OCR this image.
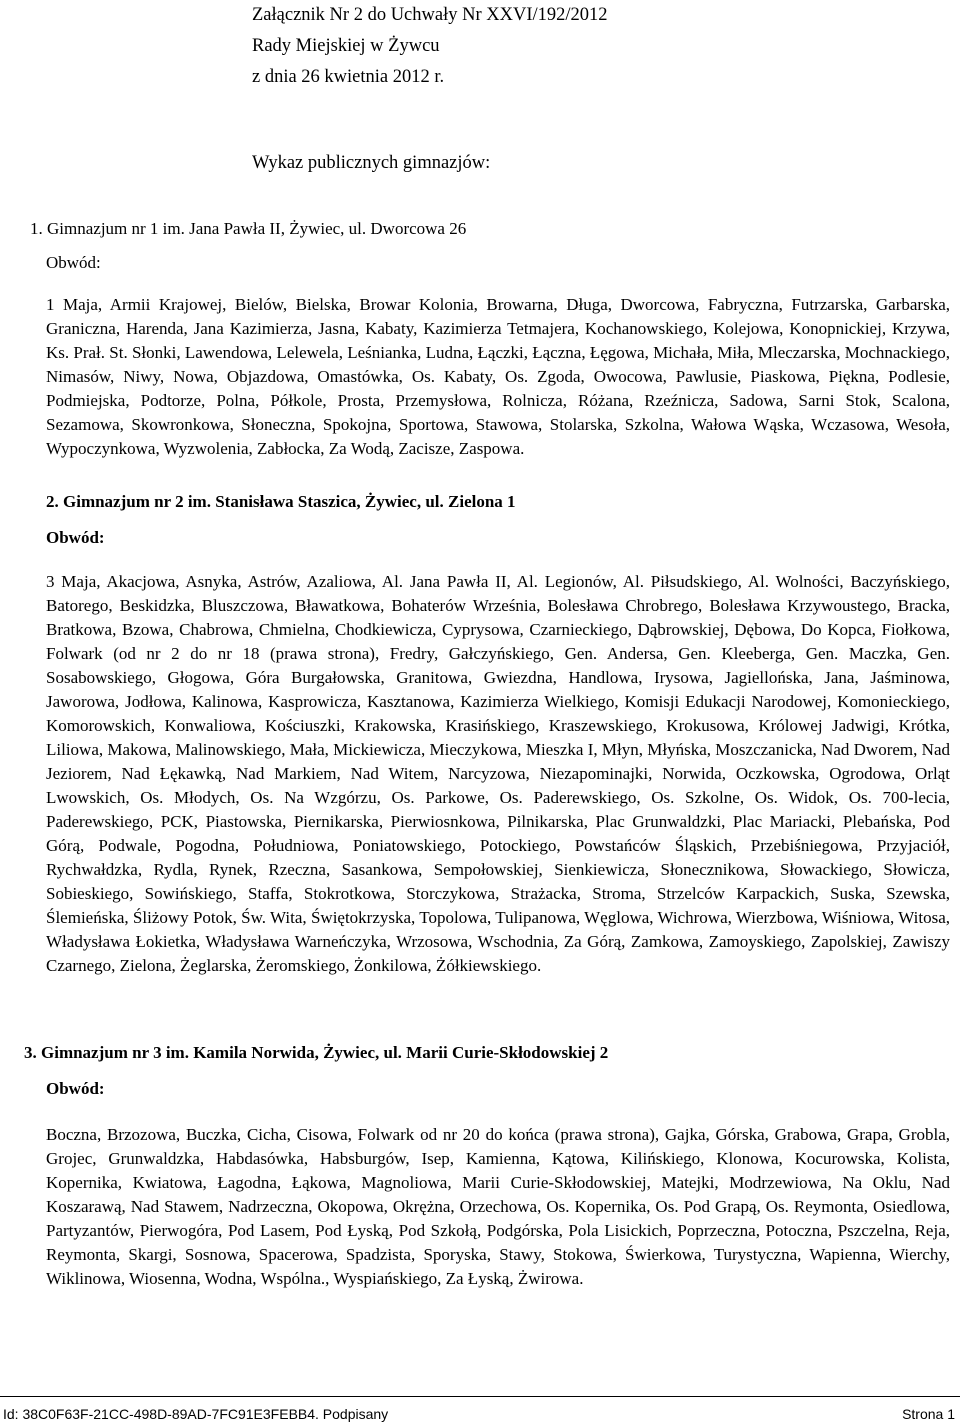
Załącznik Nr 2 do Uchwały Nr XXVI/192/2012
Rady Miejskiej w Żywcu
z dnia 26 kwietnia 2012 r.
Wykaz publicznych gimnazjów:
1. Gimnazjum nr 1 im. Jana Pawła II, Żywiec, ul. Dworcowa 26
Obwód:

1 Maja, Armii Krajowej, Bielów, Bielska, Browar Kolonia, Browarna, Długa, Dworcowa, Fabryczna, Futrzarska, Garbarska, Graniczna, Harenda, Jana Kazimierza, Jasna, Kabaty, Kazimierza Tetmajera, Kochanowskiego, Kolejowa, Konopnickiej, Krzywa, Ks. Prał. St. Słonki, Lawendowa, Lelewela, Leśnianka, Ludna, Łączki, Łączna, Łęgowa, Michała, Miła, Mleczarska, Mochnackiego, Nimasów, Niwy, Nowa, Objazdowa, Omastówka, Os. Kabaty, Os. Zgoda, Owocowa, Pawlusie, Piaskowa, Piękna, Podlesie, Podmiejska, Podtorze, Polna, Półkole, Prosta, Przemysłowa, Rolnicza, Różana, Rzeźnicza, Sadowa, Sarni Stok, Scalona, Sezamowa, Skowronkowa, Słoneczna, Spokojna, Sportowa, Stawowa, Stolarska, Szkolna, Wałowa Wąska, Wczasowa, Wesoła, Wypoczynkowa, Wyzwolenia, Zabłocka, Za Wodą, Zacisze, Zaspowa.

2. Gimnazjum nr 2 im. Stanisława Staszica, Żywiec, ul. Zielona 1
Obwód:

3 Maja, Akacjowa, Asnyka, Astrów, Azaliowa, Al. Jana Pawła II, Al. Legionów, Al. Piłsudskiego, Al. Wolności, Baczyńskiego, Batorego, Beskidzka, Bluszczowa, Bławatkowa, Bohaterów Września, Bolesława Chrobrego, Bolesława Krzywoustego, Bracka, Bratkowa, Bzowa, Chabrowa, Chmielna, Chodkiewicza, Cyprysowa, Czarnieckiego, Dąbrowskiej, Dębowa, Do Kopca, Fiołkowa, Folwark (od nr 2 do nr 18 (prawa strona), Fredry, Gałczyńskiego, Gen. Andersa, Gen. Kleeberga, Gen. Maczka, Gen. Sosabowskiego, Głogowa, Góra Burgałowska, Granitowa, Gwiezdna, Handlowa, Irysowa, Jagiellońska, Jana, Jaśminowa, Jaworowa, Jodłowa, Kalinowa, Kasprowicza, Kasztanowa, Kazimierza Wielkiego, Komisji Edukacji Narodowej, Komonieckiego, Komorowskich, Konwaliowa, Kościuszki, Krakowska, Krasińskiego, Kraszewskiego, Krokusowa, Królowej Jadwigi, Krótka, Liliowa, Makowa, Malinowskiego, Mała, Mickiewicza, Mieczykowa, Mieszka I, Młyn, Młyńska, Moszczanicka, Nad Dworem, Nad Jeziorem, Nad Łękawką, Nad Markiem, Nad Witem, Narcyzowa, Niezapominajki, Norwida, Oczkowska, Ogrodowa, Orląt Lwowskich, Os. Młodych, Os. Na Wzgórzu, Os. Parkowe, Os. Paderewskiego, Os. Szkolne, Os. Widok, Os. 700-lecia, Paderewskiego, PCK, Piastowska, Piernikarska, Pierwiosnkowa, Pilnikarska, Plac Grunwaldzki, Plac Mariacki, Plebańska, Pod Górą, Podwale, Pogodna, Południowa, Poniatowskiego, Potockiego, Powstańców Śląskich, Przebiśniegowa, Przyjaciół, Rychwałdzka, Rydla, Rynek, Rzeczna, Sasankowa, Sempołowskiej, Sienkiewicza, Słonecznikowa, Słowackiego, Słowicza, Sobieskiego, Sowińskiego, Staffa, Stokrotkowa, Storczykowa, Strażacka, Stroma, Strzelców Karpackich, Suska, Szewska, Ślemieńska, Śliżowy Potok, Św. Wita, Świętokrzyska, Topolowa, Tulipanowa, Węglowa, Wichrowa, Wierzbowa, Wiśniowa, Witosa, Władysława Łokietka, Władysława Warneńczyka, Wrzosowa, Wschodnia, Za Górą, Zamkowa, Zamoyskiego, Zapolskiej, Zawiszy Czarnego, Zielona, Żeglarska, Żeromskiego, Żonkilowa, Żółkiewskiego.

3. Gimnazjum nr 3 im. Kamila Norwida, Żywiec, ul. Marii Curie-Skłodowskiej 2
Obwód:

Boczna, Brzozowa, Buczka, Cicha, Cisowa, Folwark od nr 20 do końca (prawa strona), Gajka, Górska, Grabowa, Grapa, Grobla, Grojec, Grunwaldzka, Habdasówka, Habsburgów, Isep, Kamienna, Kątowa, Kilińskiego, Klonowa, Kocurowska, Kolista, Kopernika, Kwiatowa, Łagodna, Łąkowa, Magnoliowa, Marii Curie-Skłodowskiej, Matejki, Modrzewiowa, Na Oklu, Nad Koszarawą, Nad Stawem, Nadrzeczna, Okopowa, Okrężna, Orzechowa, Os. Kopernika, Os. Pod Grapą, Os. Reymonta, Osiedlowa, Partyzantów, Pierwogóra, Pod Lasem, Pod Łyską, Pod Szkołą, Podgórska, Pola Lisickich, Poprzeczna, Potoczna, Pszczelna, Reja, Reymonta, Skargi, Sosnowa, Spacerowa, Spadzista, Sporyska, Stawy, Stokowa, Świerkowa, Turystyczna, Wapienna, Wierchy, Wiklinowa, Wiosenna, Wodna, Wspólna., Wyspiańskiego, Za Łyską, Żwirowa.

Id: 38C0F63F-21CC-498D-89AD-7FC91E3FEBB4. Podpisany	Strona 1
